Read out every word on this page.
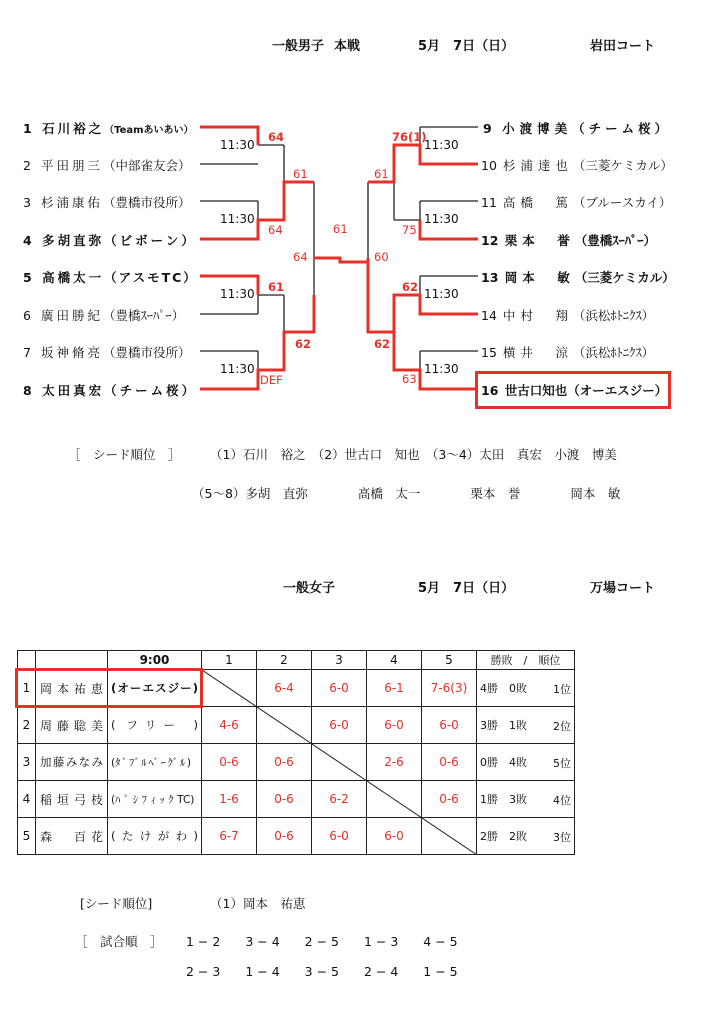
一般男子 本戦	5月　7日（日）	岩田コート
1 石川裕之（Teamあいあい）
2 平田朋三（中部雀友会）
3 杉浦康佑（豊橋市役所）
4 多胡直弥（ビボーン）
5 高橋太一（アスモTC）
6 廣田勝紀（豊橋ｽｰﾊﾟｰ）
7 坂神脩亮（豊橋市役所）
8 太田真宏（チーム桜）
9 小渡博美（チーム桜）
10 杉浦達也（三菱ケミカル）
11 高橋　篤（ブルースカイ）
12 栗本　誉（豊橋ｽｰﾊﾟｰ）
13 岡本　敏（三菱ケミカル）
14 中村　翔（浜松ﾎﾄﾆｸｽ）
15 横井　涼（浜松ﾎﾄﾆｸｽ）
16 世古口知也（オーエスジー）
11:30
11:30
11:30
11:30
11:30
11:30
11:30
11:30
64
64
61
62
DEF
61
64
61
76(1)
75
62
63
61
62
60
［　シード順位　］ （1）石川　裕之　（2）世古口　知也　（3〜4）太田　真宏　小渡　博美
（5〜8）多胡　直弥　　　　高橋　太一　　　　栗本　誉　　　　岡本　敏
一般女子	5月　7日（日）	万場コート
		9:00	1	2	3	4	5	勝敗　/　順位
1	岡本祐恵	(オーエスジー)		6-4	6-0	6-1	7-6(3)	4勝　0敗 1位

2	周藤聡美	( フリー )	4-6		6-0	6-0	6-0	3勝　1敗 2位

3	加藤みなみ	(ﾀﾞﾌﾞﾙﾍﾞｰｸﾞﾙ)	0-6	0-6		2-6	0-6	0勝　4敗 5位

4	稲垣弓枝	(ﾊﾟｼﾌｨｯｸTC)	1-6	0-6	6-2		0-6	1勝　3敗 4位

5	森　百花	(たけがわ)	6-7	0-6	6-0	6-0		2勝　2敗 3位
[シード順位]	（1）岡本　祐恵
［　試合順　］ 1 − 2　　3 − 4　　2 − 5　　1 − 3　　4 − 5
2 − 3　　1 − 4　　3 − 5　　2 − 4　　1 − 5
